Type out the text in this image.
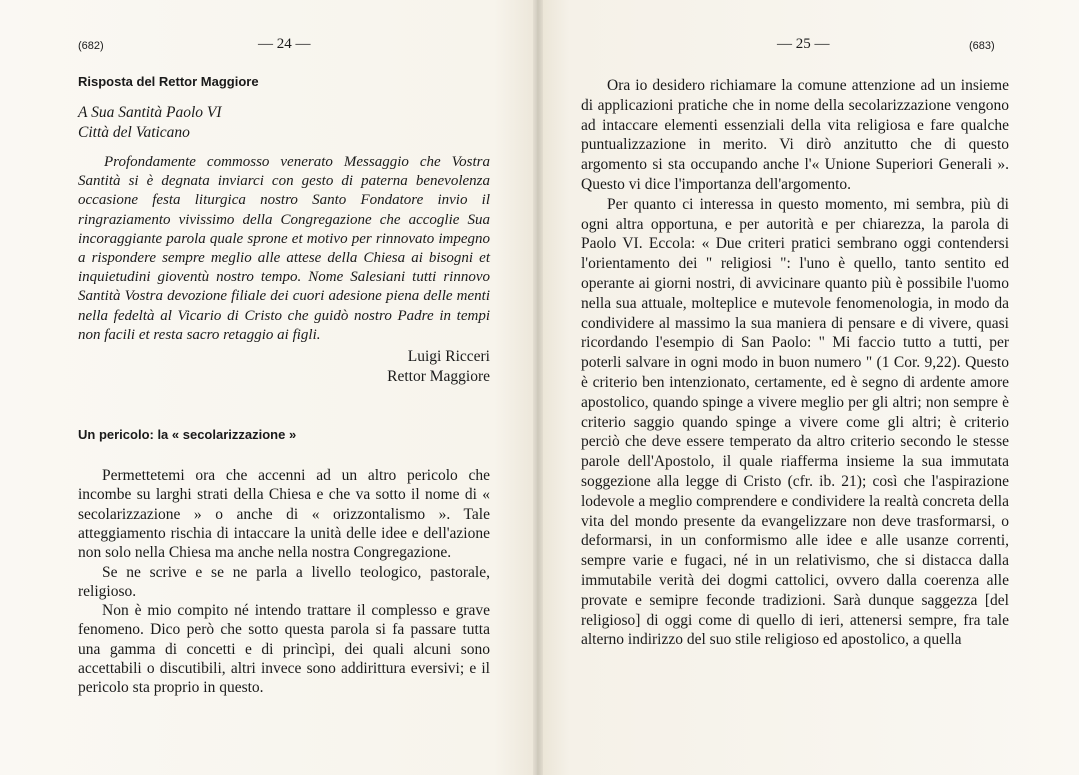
(682)	— 24 —
Risposta del Rettor Maggiore
A Sua Santità Paolo VI
Città del Vaticano

Profondamente commosso venerato Messaggio che Vostra Santità si è degnata inviarci con gesto di paterna benevolenza occasione festa liturgica nostro Santo Fondatore invio il ringraziamento vivissimo della Congregazione che accoglie Sua incoraggiante parola quale sprone et motivo per rinnovato impegno a rispondere sempre meglio alle attese della Chiesa ai bisogni et inquietudini gioventù nostro tempo. Nome Salesiani tutti rinnovo Santità Vostra devozione filiale dei cuori adesione piena delle menti nella fedeltà al Vicario di Cristo che guidò nostro Padre in tempi non facili et resta sacro retaggio ai figli.

Luigi Ricceri
Rettor Maggiore
Un pericolo: la « secolarizzazione »

Permettetemi ora che accenni ad un altro pericolo che incombe su larghi strati della Chiesa e che va sotto il nome di « secolarizzazione » o anche di « orizzontalismo ». Tale atteggiamento rischia di intaccare la unità delle idee e dell'azione non solo nella Chiesa ma anche nella nostra Congregazione.

Se ne scrive e se ne parla a livello teologico, pastorale, religioso.

Non è mio compito né intendo trattare il complesso e grave fenomeno. Dico però che sotto questa parola si fa passare tutta una gamma di concetti e di princìpi, dei quali alcuni sono accettabili o discutibili, altri invece sono addirittura eversivi; e il pericolo sta proprio in questo.

— 25 —	(683)

Ora io desidero richiamare la comune attenzione ad un insieme di applicazioni pratiche che in nome della secolarizzazione vengono ad intaccare elementi essenziali della vita religiosa e fare qualche puntualizzazione in merito. Vi dirò anzitutto che di questo argomento si sta occupando anche l'« Unione Superiori Generali ». Questo vi dice l'importanza dell'argomento.

Per quanto ci interessa in questo momento, mi sembra, più di ogni altra opportuna, e per autorità e per chiarezza, la parola di Paolo VI. Eccola: « Due criteri pratici sembrano oggi contendersi l'orientamento dei " religiosi ": l'uno è quello, tanto sentito ed operante ai giorni nostri, di avvicinare quanto più è possibile l'uomo nella sua attuale, molteplice e mutevole fenomenologia, in modo da condividere al massimo la sua maniera di pensare e di vivere, quasi ricordando l'esempio di San Paolo: " Mi faccio tutto a tutti, per poterli salvare in ogni modo in buon numero " (1 Cor. 9,22). Questo è criterio ben intenzionato, certamente, ed è segno di ardente amore apostolico, quando spinge a vivere meglio per gli altri; non sempre è criterio saggio quando spinge a vivere come gli altri; è criterio perciò che deve essere temperato da altro criterio secondo le stesse parole dell'Apostolo, il quale riafferma insieme la sua immutata soggezione alla legge di Cristo (cfr. ib. 21); così che l'aspirazione lodevole a meglio comprendere e condividere la realtà concreta della vita del mondo presente da evangelizzare non deve trasformarsi, o deformarsi, in un conformismo alle idee e alle usanze correnti, sempre varie e fugaci, né in un relativismo, che si distacca dalla immutabile verità dei dogmi cattolici, ovvero dalla coerenza alle provate e semipre feconde tradizioni. Sarà dunque saggezza [del religioso] di oggi come di quello di ieri, attenersi sempre, fra tale alterno indirizzo del suo stile religioso ed apostolico, a quella
